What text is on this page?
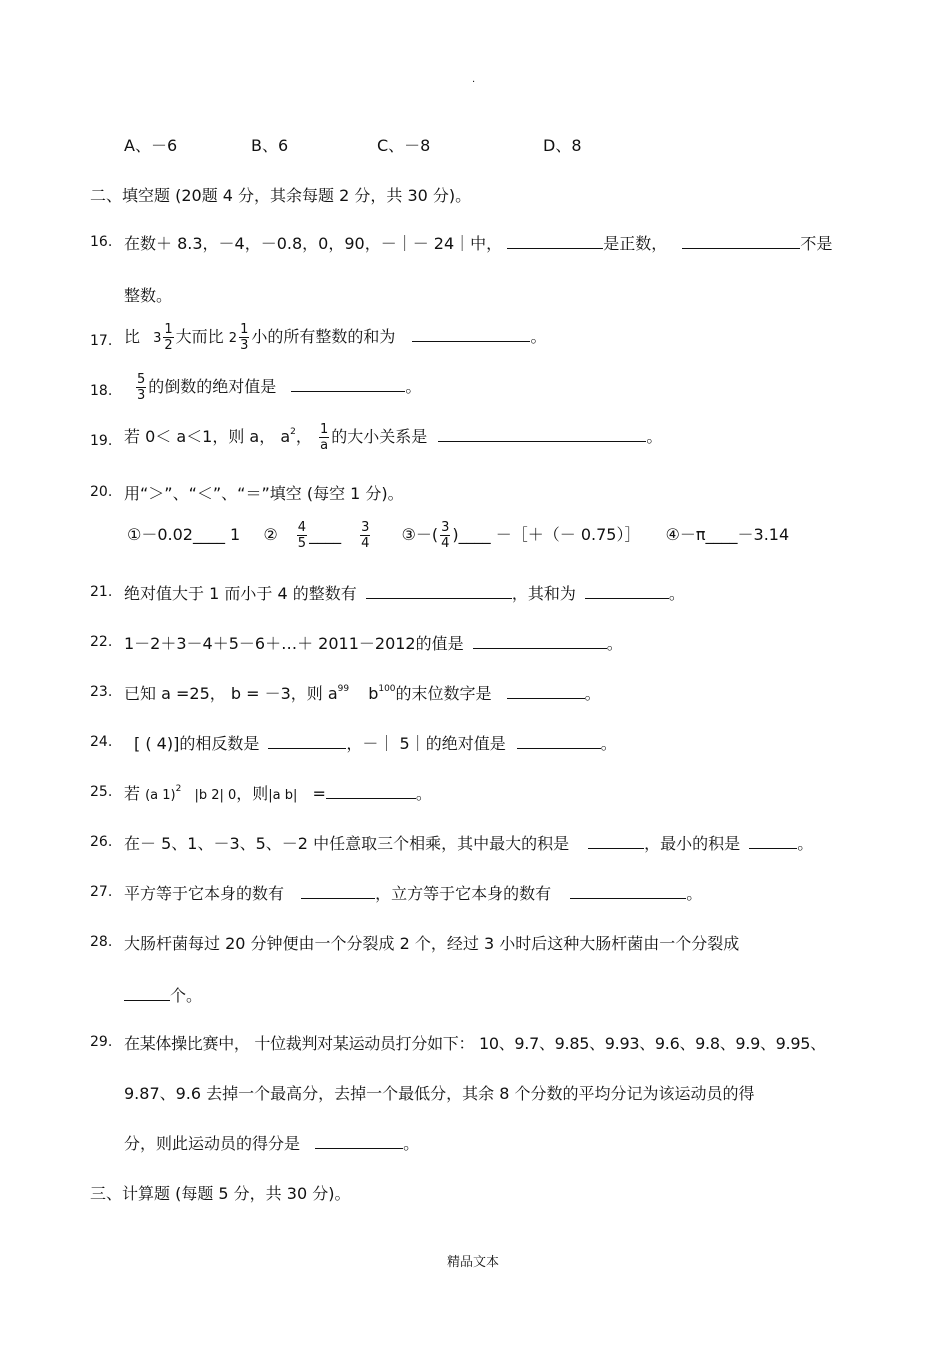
.
A、－6	B、6	C、－8	D、8
二、填空题 (20题 4 分，其余每题 2 分，共 30 分)。
16. 在数＋ 8.3，－4，－0.8，0，90，－｜－ 24｜中，	是正数，	不是
整数。
17. 比 $3 \frac{1}{2}$ 大而比 $2 \frac{1}{3}$ 小的所有整数的和为	。
18. $\frac{5}{3}$ 的倒数的绝对值是	。
19. 若 0＜ a＜1，则 a， $a^2$， $\frac{1}{a}$ 的大小关系是	。
20. 用“＞”、“＜”、“＝”填空 (每空 1 分)。
①－0.02____ 1 ② $\frac{4}{5}$ ____ $\frac{3}{4}$ ③－( $\frac{3}{4}$ )____ －［＋（－ 0.75）］ ④－π____－3.14
21. 绝对值大于 1 而小于 4 的整数有	，其和为	。
22. 1－2＋3－4＋5－6＋…＋ 2011－2012的值是	。
23. 已知 a =25， b = －3，则 $a^{99}$ $b^{100}$的末位数字是	。
24. [ ( 4)]的相反数是	，－｜ 5｜的绝对值是	。
25. 若 (a 1)$^2$ |b 2| 0，则|a b| =	。
26. 在－ 5、1、－3、5、－2 中任意取三个相乘，其中最大的积是	，最小的积是	。
27. 平方等于它本身的数有	，立方等于它本身的数有	。
28. 大肠杆菌每过 20 分钟便由一个分裂成 2 个，经过 3 小时后这种大肠杆菌由一个分裂成
个。
29. 在某体操比赛中， 十位裁判对某运动员打分如下： 10、9.7、9.85、9.93、9.6、9.8、9.9、9.95、
9.87、9.6 去掉一个最高分，去掉一个最低分，其余 8 个分数的平均分记为该运动员的得
分，则此运动员的得分是	。
三、计算题 (每题 5 分，共 30 分)。
精品文本
